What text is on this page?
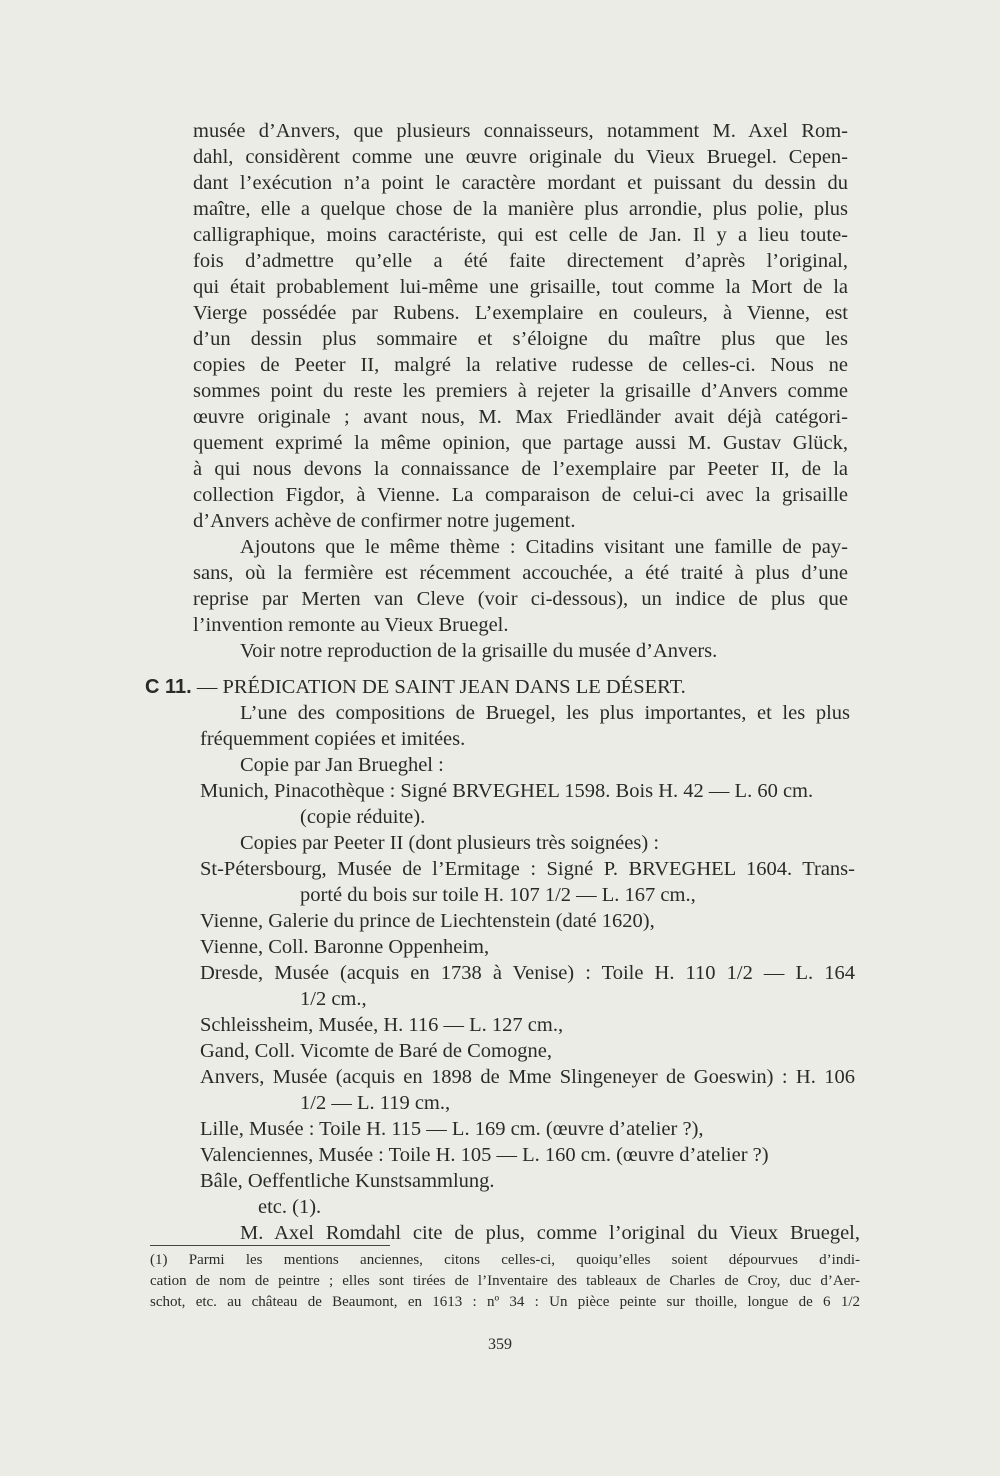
musée d’Anvers, que plusieurs connaisseurs, notamment M. Axel Rom-
dahl, considèrent comme une œuvre originale du Vieux Bruegel. Cepen-
dant l’exécution n’a point le caractère mordant et puissant du dessin du
maître, elle a quelque chose de la manière plus arrondie, plus polie, plus
calligraphique, moins caractériste, qui est celle de Jan. Il y a lieu toute-
fois d’admettre qu’elle a été faite directement d’après l’original,
qui était probablement lui-même une grisaille, tout comme la Mort de la
Vierge possédée par Rubens. L’exemplaire en couleurs, à Vienne, est
d’un dessin plus sommaire et s’éloigne du maître plus que les
copies de Peeter II, malgré la relative rudesse de celles-ci. Nous ne
sommes point du reste les premiers à rejeter la grisaille d’Anvers comme
œuvre originale ; avant nous, M. Max Friedländer avait déjà catégori-
quement exprimé la même opinion, que partage aussi M. Gustav Glück,
à qui nous devons la connaissance de l’exemplaire par Peeter II, de la
collection Figdor, à Vienne. La comparaison de celui-ci avec la grisaille
d’Anvers achève de confirmer notre jugement.
Ajoutons que le même thème : Citadins visitant une famille de pay-
sans, où la fermière est récemment accouchée, a été traité à plus d’une
reprise par Merten van Cleve (voir ci-dessous), un indice de plus que
l’invention remonte au Vieux Bruegel.
Voir notre reproduction de la grisaille du musée d’Anvers.
C 11. — PRÉDICATION DE SAINT JEAN DANS LE DÉSERT.
L’une des compositions de Bruegel, les plus importantes, et les plus
fréquemment copiées et imitées.
Copie par Jan Brueghel :
Munich, Pinacothèque : Signé BRVEGHEL 1598. Bois H. 42 — L. 60 cm.
(copie réduite).
Copies par Peeter II (dont plusieurs très soignées) :
St-Pétersbourg, Musée de l’Ermitage : Signé P. BRVEGHEL 1604. Trans-
porté du bois sur toile H. 107 1/2 — L. 167 cm.,
Vienne, Galerie du prince de Liechtenstein (daté 1620),
Vienne, Coll. Baronne Oppenheim,
Dresde, Musée (acquis en 1738 à Venise) : Toile H. 110 1/2 — L. 164
1/2 cm.,
Schleissheim, Musée, H. 116 — L. 127 cm.,
Gand, Coll. Vicomte de Baré de Comogne,
Anvers, Musée (acquis en 1898 de Mme Slingeneyer de Goeswin) : H. 106
1/2 — L. 119 cm.,
Lille, Musée : Toile H. 115 — L. 169 cm. (œuvre d’atelier ?),
Valenciennes, Musée : Toile H. 105 — L. 160 cm. (œuvre d’atelier ?)
Bâle, Oeffentliche Kunstsammlung.
etc. (1).
M. Axel Romdahl cite de plus, comme l’original du Vieux Bruegel,
(1) Parmi les mentions anciennes, citons celles-ci, quoiqu’elles soient dépourvues d’indi-
cation de nom de peintre ; elles sont tirées de l’Inventaire des tableaux de Charles de Croy, duc d’Aer-
schot, etc. au château de Beaumont, en 1613 : nº 34 : Un pièce peinte sur thoille, longue de 6 1/2
359
